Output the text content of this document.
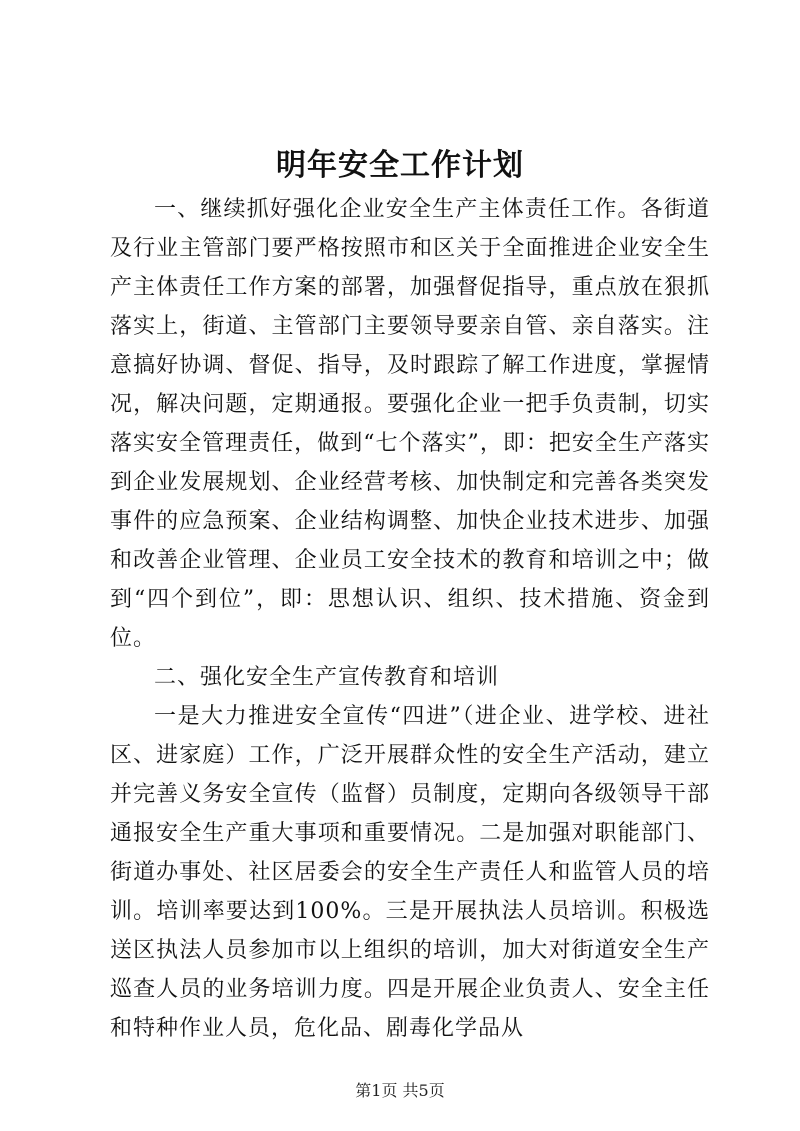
明年安全工作计划

一、继续抓好强化企业安全生产主体责任工作。各街道及行业主管部门要严格按照市和区关于全面推进企业安全生产主体责任工作方案的部署，加强督促指导，重点放在狠抓落实上，街道、主管部门主要领导要亲自管、亲自落实。注意搞好协调、督促、指导，及时跟踪了解工作进度，掌握情况，解决问题，定期通报。要强化企业一把手负责制，切实落实安全管理责任，做到“七个落实”，即：把安全生产落实到企业发展规划、企业经营考核、加快制定和完善各类突发事件的应急预案、企业结构调整、加快企业技术进步、加强和改善企业管理、企业员工安全技术的教育和培训之中；做到“四个到位”，即：思想认识、组织、技术措施、资金到位。

二、强化安全生产宣传教育和培训

一是大力推进安全宣传“四进”（进企业、进学校、进社区、进家庭）工作，广泛开展群众性的安全生产活动，建立并完善义务安全宣传（监督）员制度，定期向各级领导干部通报安全生产重大事项和重要情况。二是加强对职能部门、街道办事处、社区居委会的安全生产责任人和监管人员的培训。培训率要达到100%。三是开展执法人员培训。积极选送区执法人员参加市以上组织的培训，加大对街道安全生产巡查人员的业务培训力度。四是开展企业负责人、安全主任和特种作业人员，危化品、剧毒化学品从

第1页 共5页
